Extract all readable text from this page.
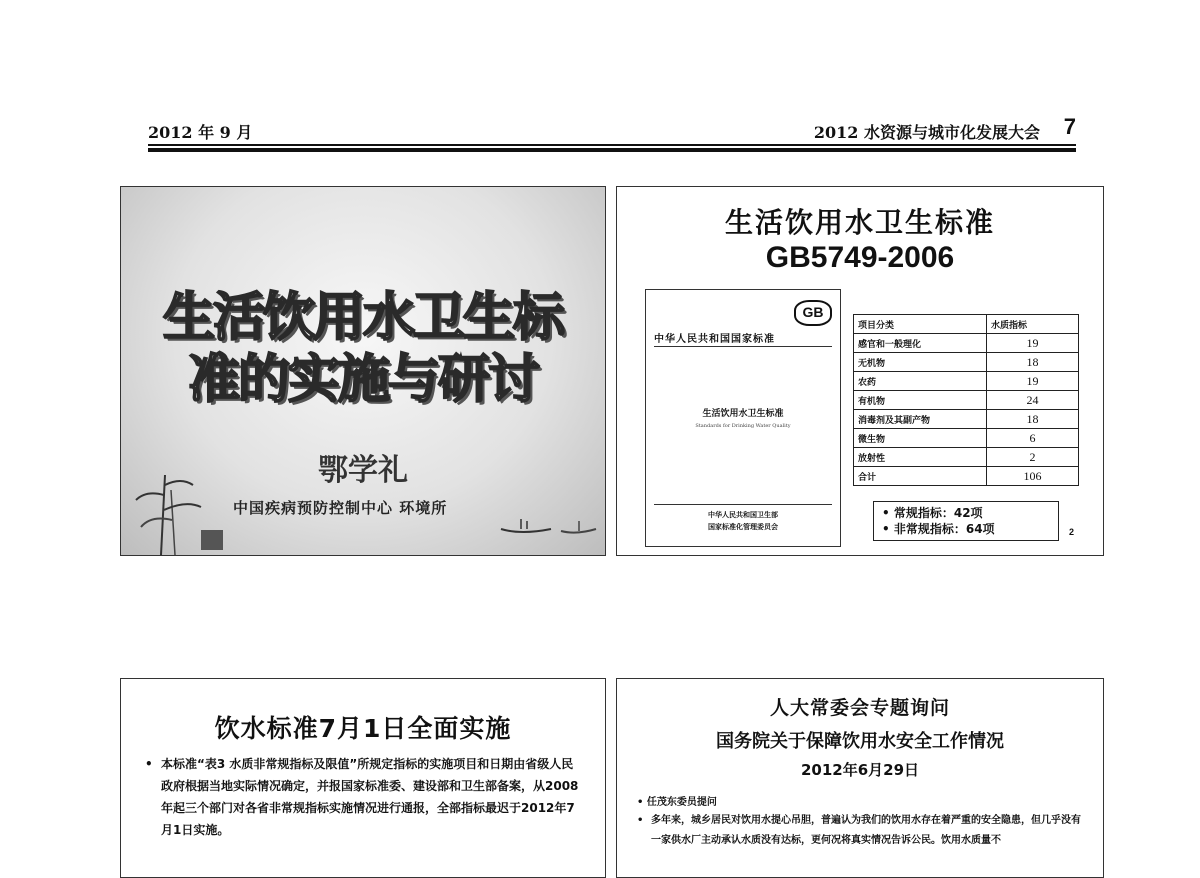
2012 年 9 月	2012 水资源与城市化发展大会 7
生活饮用水卫生标
准的实施与研讨
鄂学礼
中国疾病预防控制中心 环境所
生活饮用水卫生标准
GB5749-2006
GB
中华人民共和国国家标准
生活饮用水卫生标准
Standards for Drinking Water Quality
中华人民共和国卫生部
国家标准化管理委员会
项目分类	水质指标
感官和一般理化	19
无机物	18
农药	19
有机物	24
消毒剂及其副产物	18
微生物	6
放射性	2
合计	106
• 常规指标：42项
• 非常规指标：64项	2
饮水标准7月1日全面实施
• 本标准“表3 水质非常规指标及限值”所规定指标的实施项目和日期由省级人民政府根据当地实际情况确定，并报国家标准委、建设部和卫生部备案，从2008年起三个部门对各省非常规指标实施情况进行通报，全部指标最迟于2012年7月1日实施。
人大常委会专题询问
国务院关于保障饮用水安全工作情况
2012年6月29日
• 任茂东委员提问
• 多年来，城乡居民对饮用水提心吊胆，普遍认为我们的饮用水存在着严重的安全隐患，但几乎没有一家供水厂主动承认水质没有达标，更何况将真实情况告诉公民。饮用水质量不
